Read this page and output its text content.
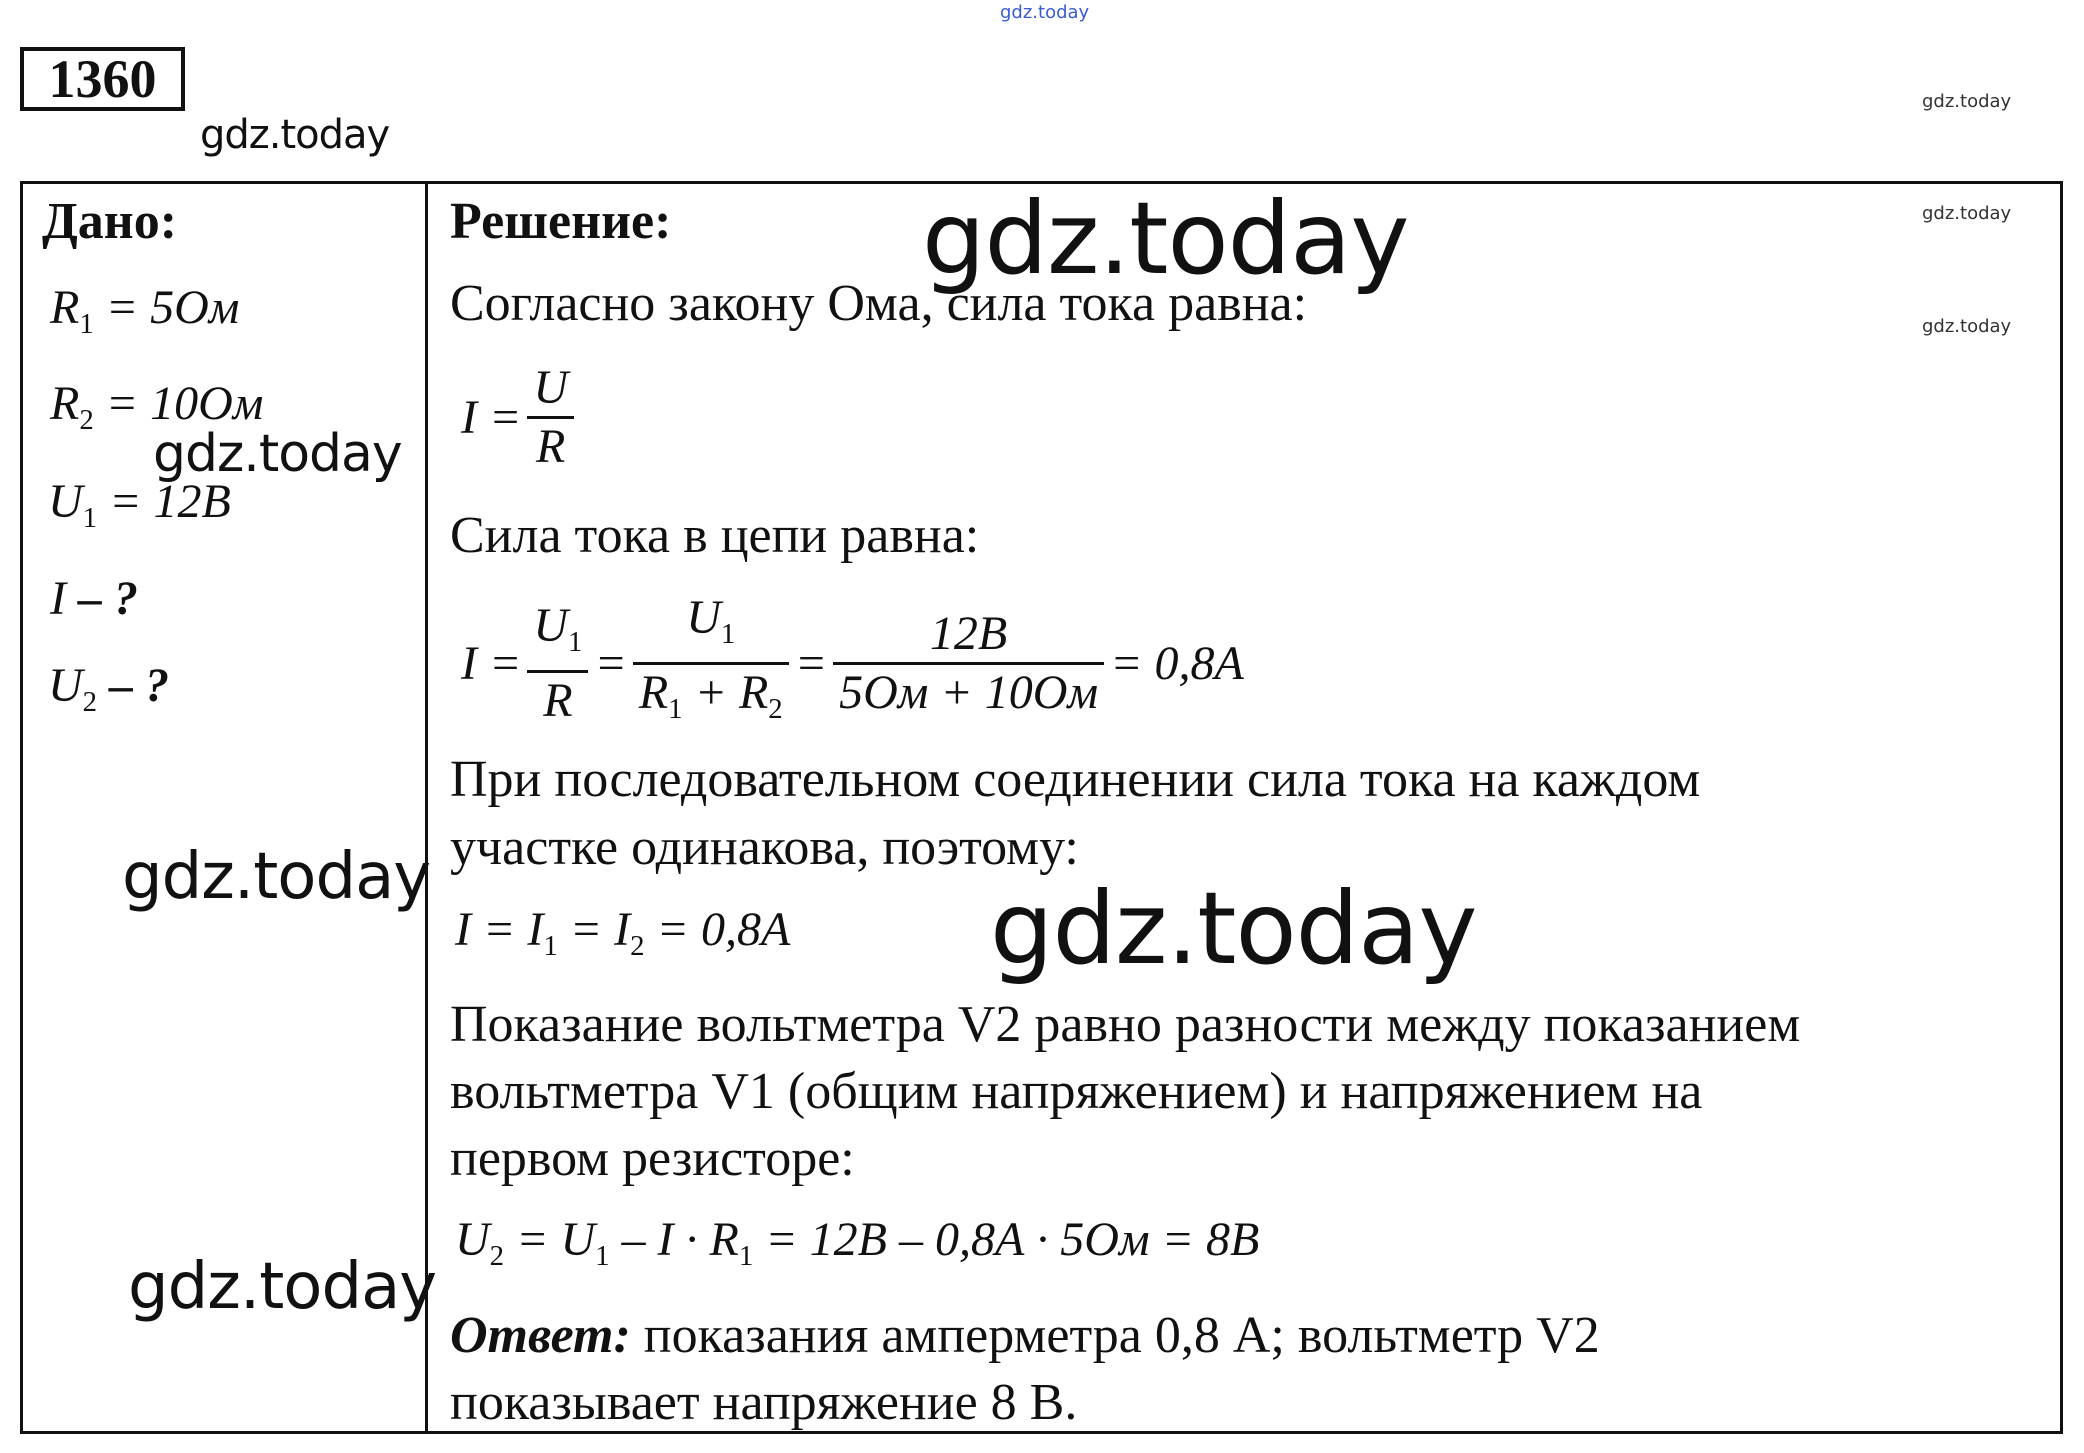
1360
gdz.today
gdz.today
gdz.today
gdz.today
gdz.today
Дано:
$R_1 = 5Ом$
$R_2 = 10Ом$
$U_1 = 12В$
I – ?
$U_2$ – ?
gdz.today
gdz.today
gdz.today
Решение:	gdz.today
Согласно закону Ома, сила тока равна:
$I = \frac{U}{R}$
Сила тока в цепи равна:
$I = \frac{U_1}{R} = \frac{U_1}{R_1 + R_2} = \frac{12В}{5Ом + 10Ом} = 0,8А$
При последовательном соединении сила тока на каждом
участке одинакова, поэтому:
$I = I_1 = I_2 = 0,8А$ gdz.today
Показание вольтметра V2 равно разности между показанием
вольтметра V1 (общим напряжением) и напряжением на
первом резисторе:
$U_2 = U_1 - I \cdot R_1 = 12В - 0,8А \cdot 5Ом = 8В$
Ответ: показания амперметра 0,8 А; вольтметр V2
показывает напряжение 8 В.
